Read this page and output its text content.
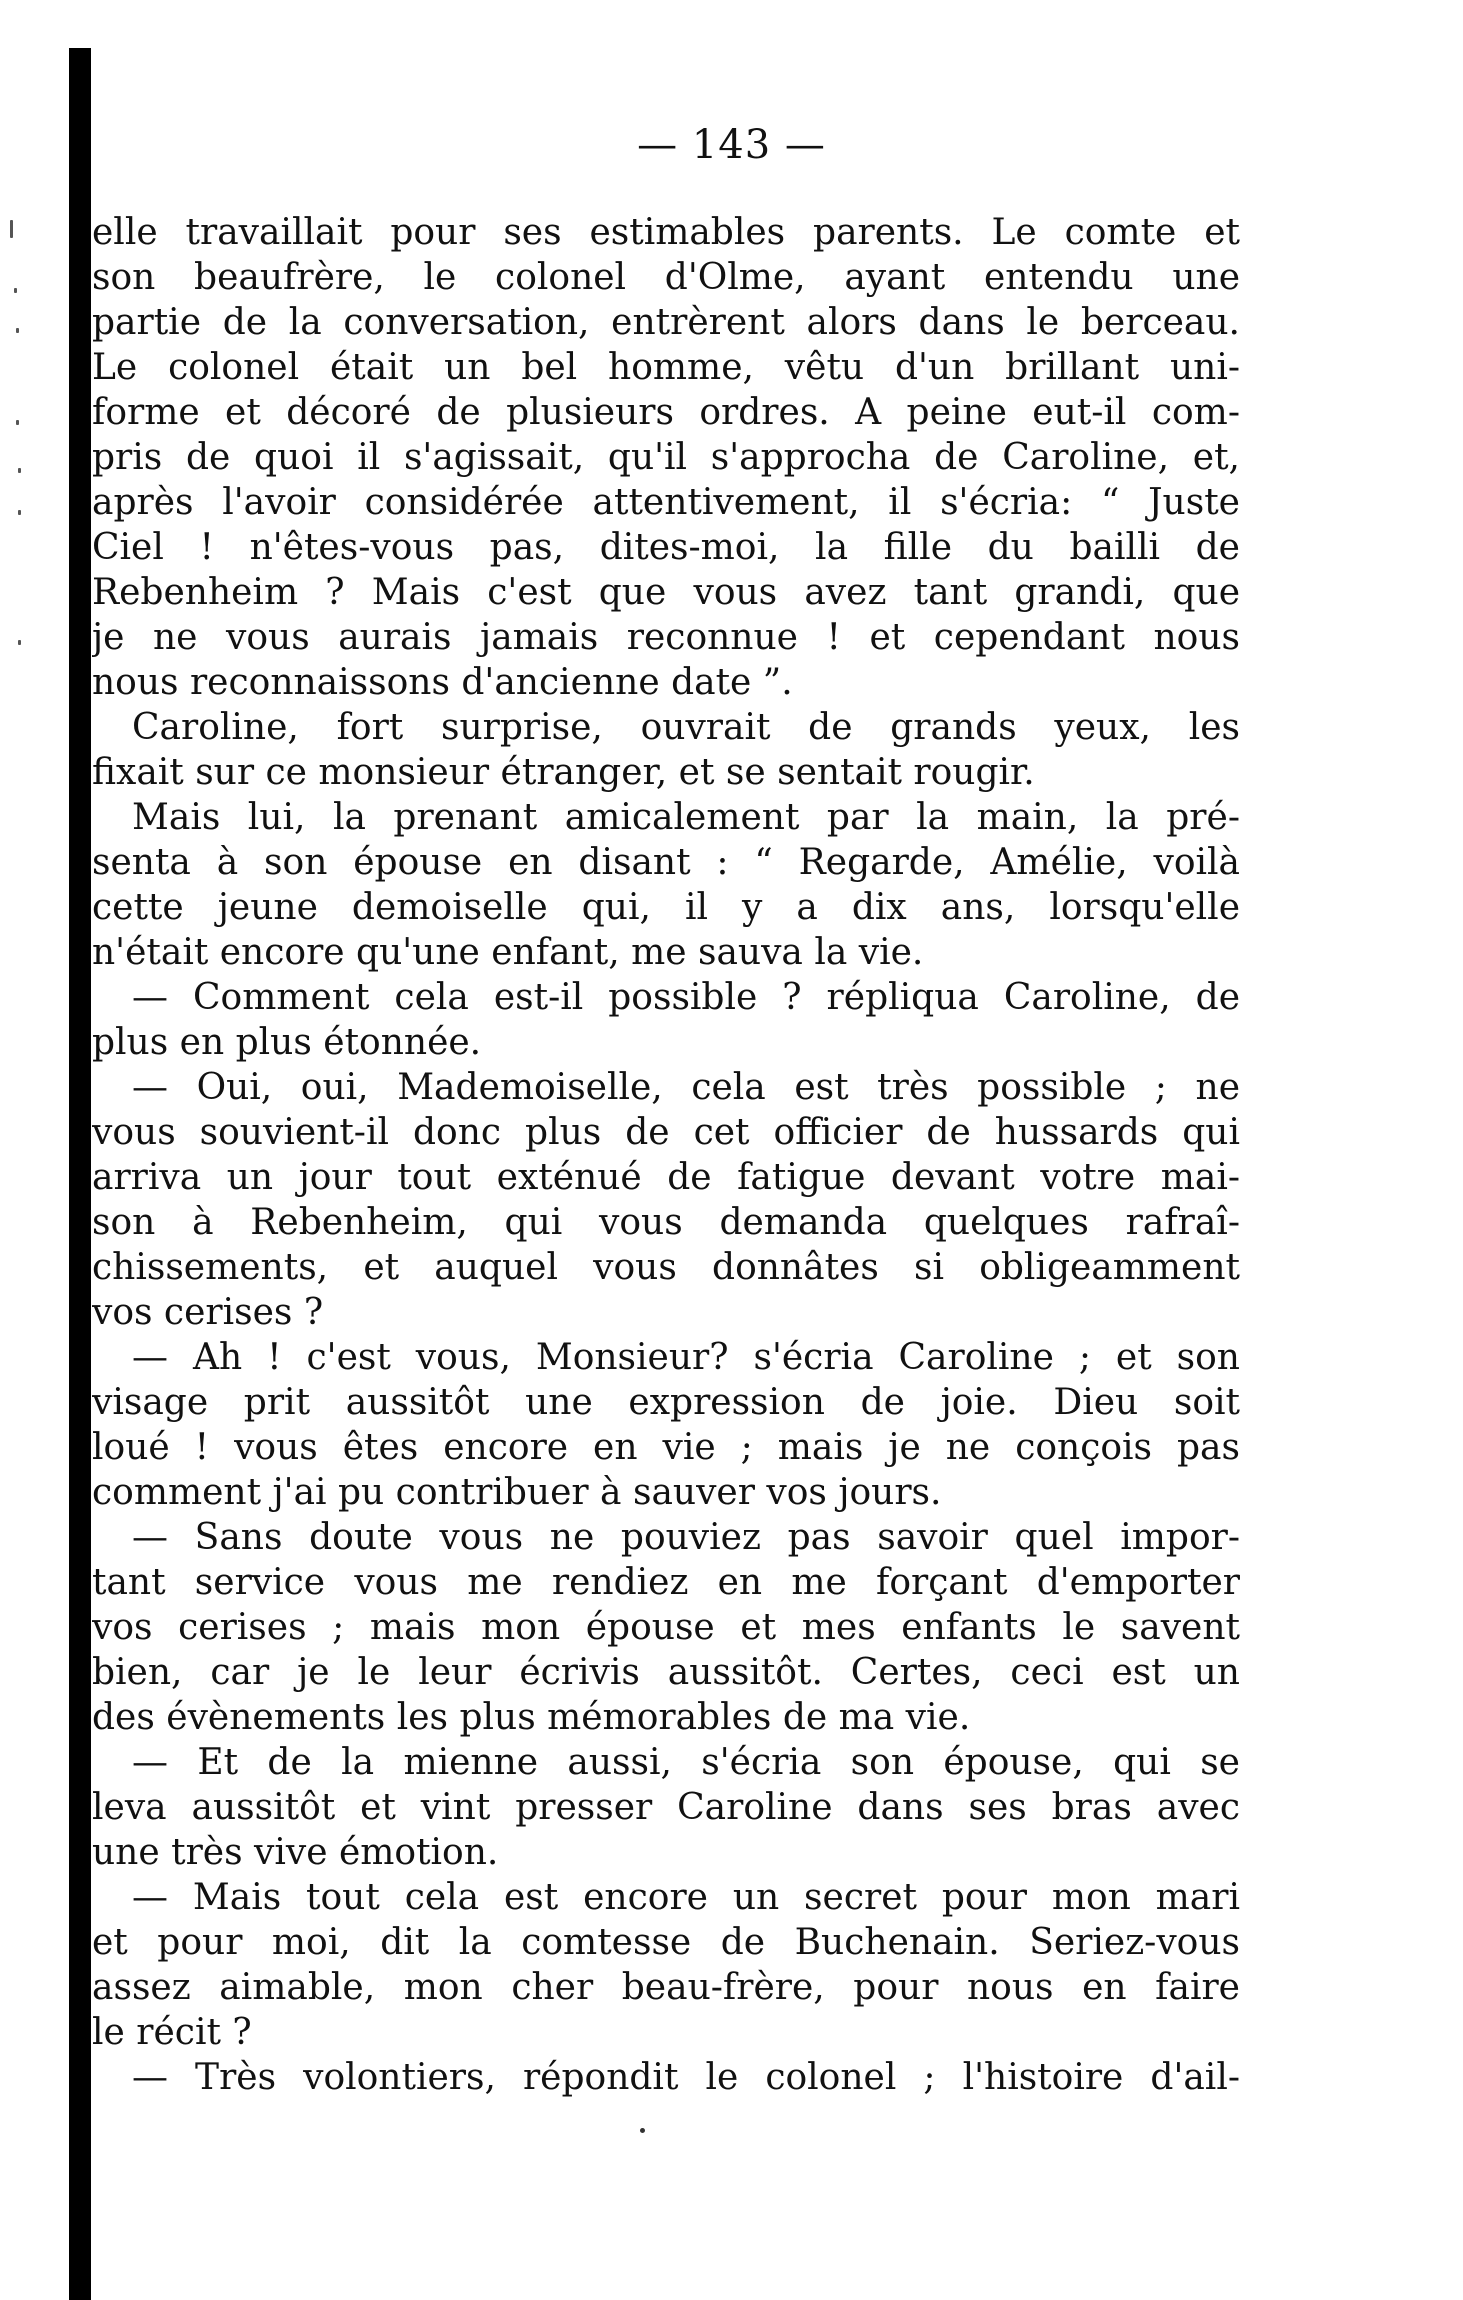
— 143 —
elle travaillait pour ses estimables parents. Le comte et
son beaufrère, le colonel d'Olme, ayant entendu une
partie de la conversation, entrèrent alors dans le berceau.
Le colonel était un bel homme, vêtu d'un brillant uni-
forme et décoré de plusieurs ordres. A peine eut-il com-
pris de quoi il s'agissait, qu'il s'approcha de Caroline, et,
après l'avoir considérée attentivement, il s'écria: “ Juste
Ciel ! n'êtes-vous pas, dites-moi, la fille du bailli de
Rebenheim ? Mais c'est que vous avez tant grandi, que
je ne vous aurais jamais reconnue ! et cependant nous
nous reconnaissons d'ancienne date ”.
Caroline, fort surprise, ouvrait de grands yeux, les
fixait sur ce monsieur étranger, et se sentait rougir.
Mais lui, la prenant amicalement par la main, la pré-
senta à son épouse en disant : “ Regarde, Amélie, voilà
cette jeune demoiselle qui, il y a dix ans, lorsqu'elle
n'était encore qu'une enfant, me sauva la vie.
— Comment cela est-il possible ? répliqua Caroline, de
plus en plus étonnée.
— Oui, oui, Mademoiselle, cela est très possible ; ne
vous souvient-il donc plus de cet officier de hussards qui
arriva un jour tout exténué de fatigue devant votre mai-
son à Rebenheim, qui vous demanda quelques rafraî-
chissements, et auquel vous donnâtes si obligeamment
vos cerises ?
— Ah ! c'est vous, Monsieur? s'écria Caroline ; et son
visage prit aussitôt une expression de joie. Dieu soit
loué ! vous êtes encore en vie ; mais je ne conçois pas
comment j'ai pu contribuer à sauver vos jours.
— Sans doute vous ne pouviez pas savoir quel impor-
tant service vous me rendiez en me forçant d'emporter
vos cerises ; mais mon épouse et mes enfants le savent
bien, car je le leur écrivis aussitôt. Certes, ceci est un
des évènements les plus mémorables de ma vie.
— Et de la mienne aussi, s'écria son épouse, qui se
leva aussitôt et vint presser Caroline dans ses bras avec
une très vive émotion.
— Mais tout cela est encore un secret pour mon mari
et pour moi, dit la comtesse de Buchenain. Seriez-vous
assez aimable, mon cher beau-frère, pour nous en faire
le récit ?
— Très volontiers, répondit le colonel ; l'histoire d'ail-
